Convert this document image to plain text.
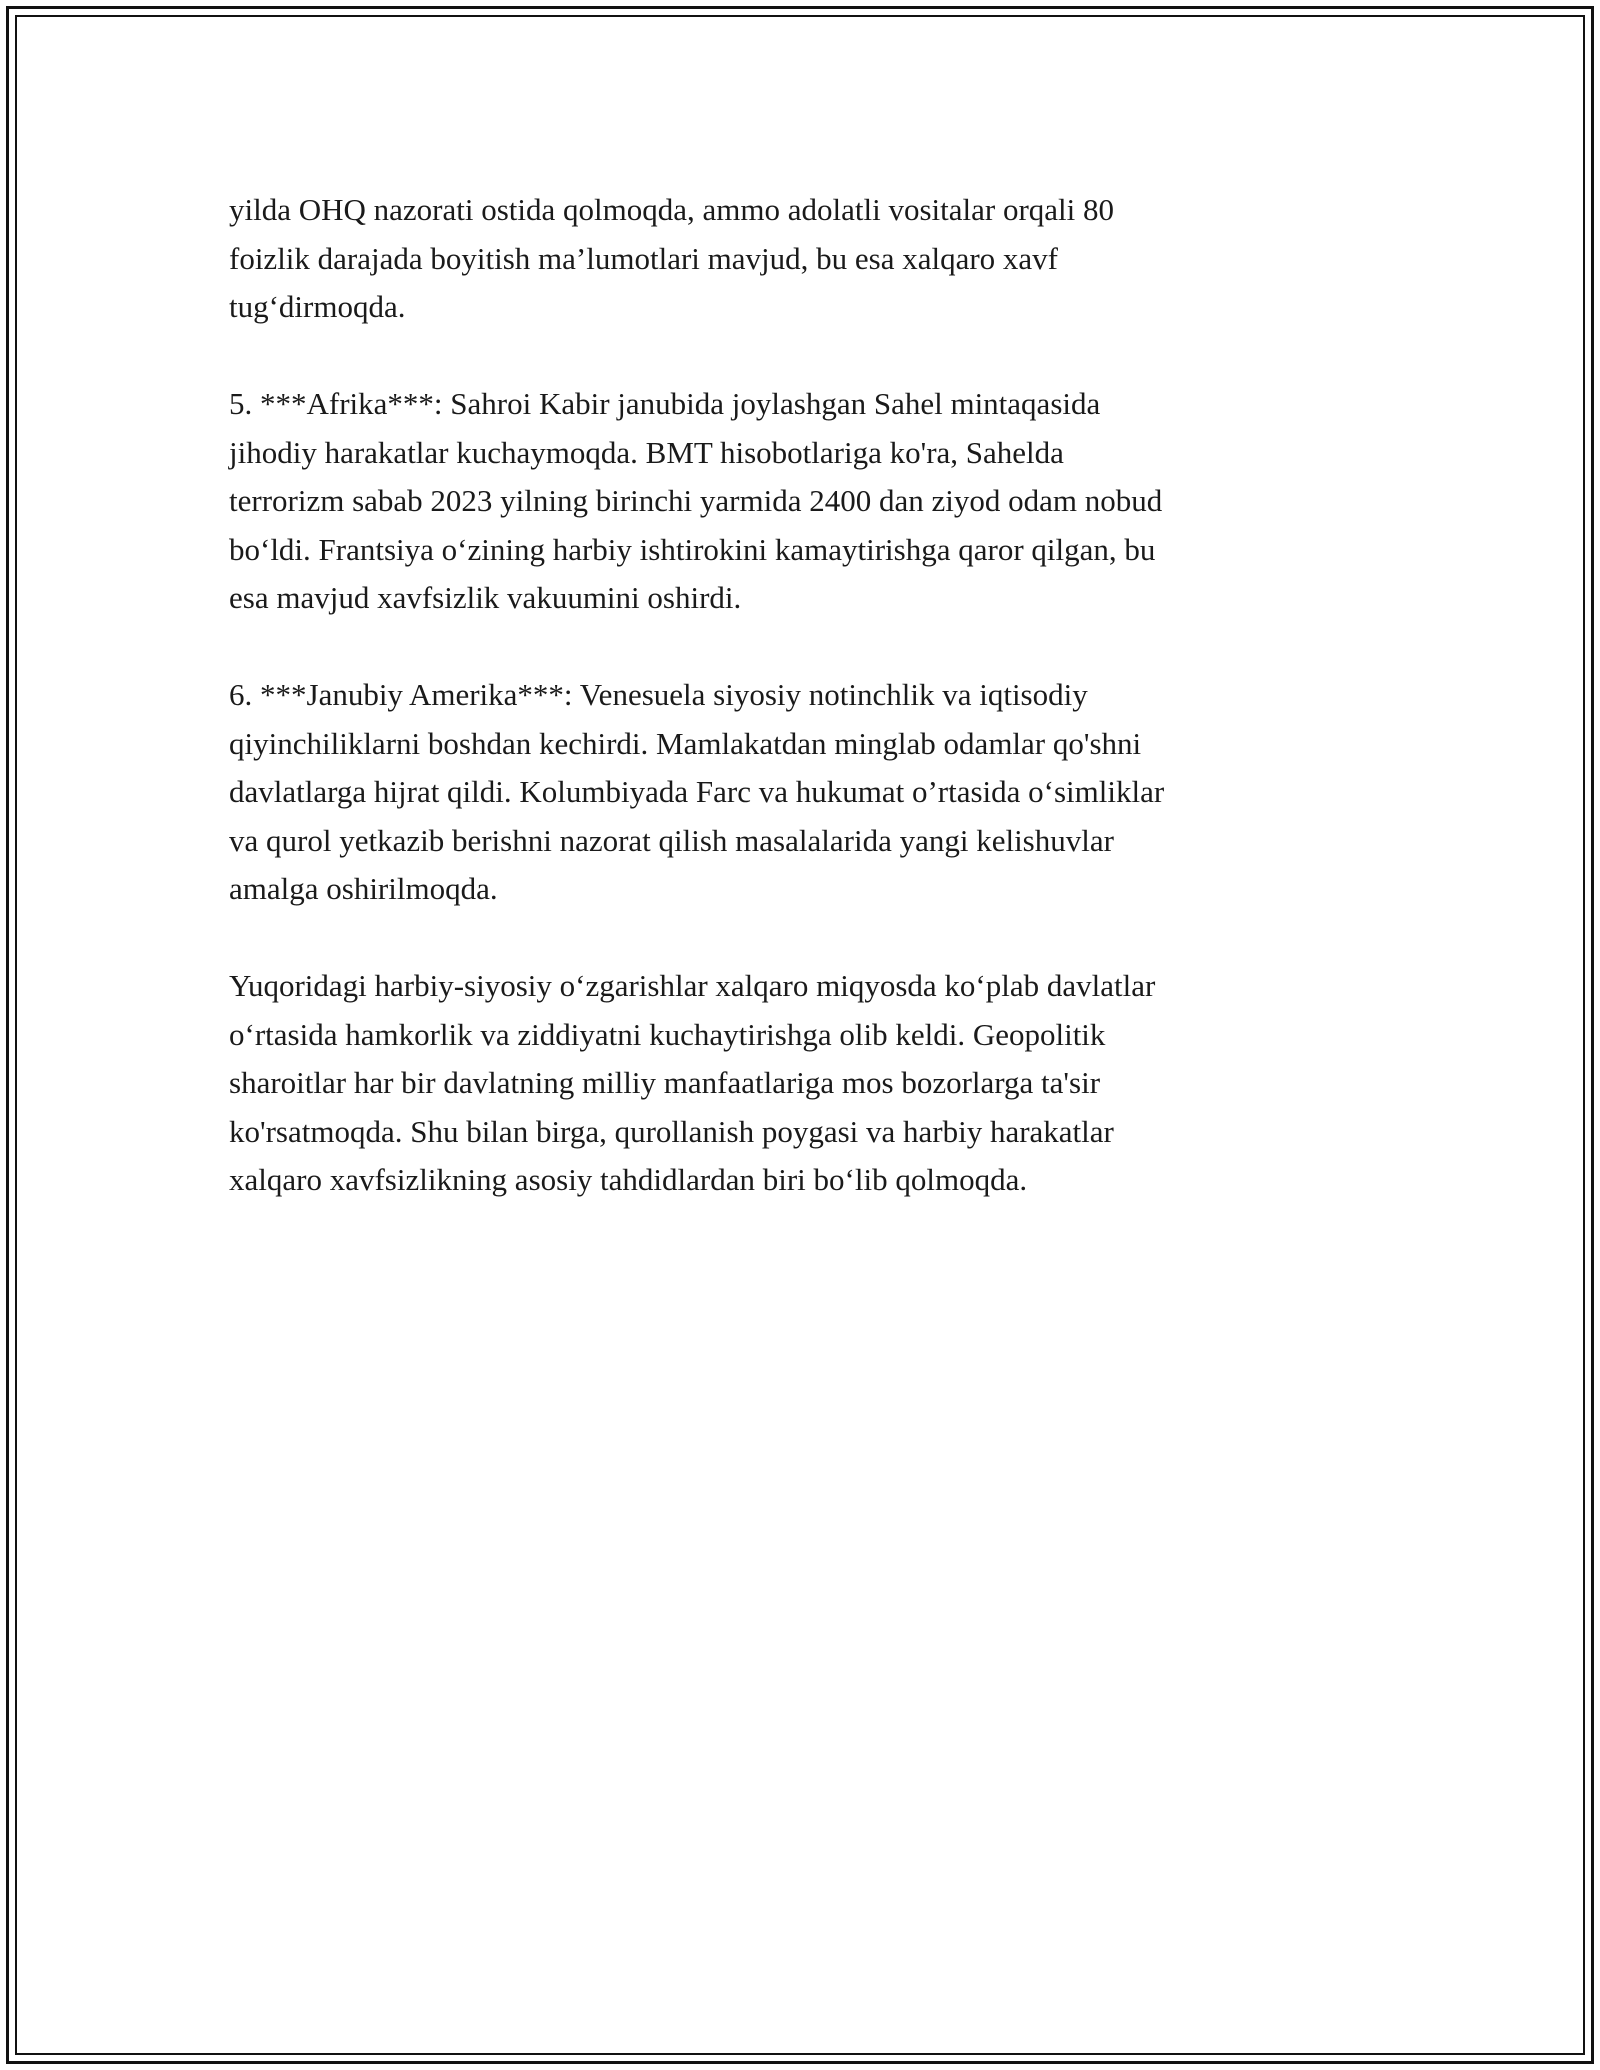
yilda OHQ nazorati ostida qolmoqda, ammo adolatli vositalar orqali 80
foizlik darajada boyitish ma’lumotlari mavjud, bu esa xalqaro xavf
tug‘dirmoqda.

5. ***Afrika***: Sahroi Kabir janubida joylashgan Sahel mintaqasida
jihodiy harakatlar kuchaymoqda. BMT hisobotlariga ko'ra, Sahelda
terrorizm sabab 2023 yilning birinchi yarmida 2400 dan ziyod odam nobud
bo‘ldi. Frantsiya o‘zining harbiy ishtirokini kamaytirishga qaror qilgan, bu
esa mavjud xavfsizlik vakuumini oshirdi.

6. ***Janubiy Amerika***: Venesuela siyosiy notinchlik va iqtisodiy
qiyinchiliklarni boshdan kechirdi. Mamlakatdan minglab odamlar qo'shni
davlatlarga hijrat qildi. Kolumbiyada Farc va hukumat o’rtasida o‘simliklar
va qurol yetkazib berishni nazorat qilish masalalarida yangi kelishuvlar
amalga oshirilmoqda.

Yuqoridagi harbiy-siyosiy o‘zgarishlar xalqaro miqyosda ko‘plab davlatlar
o‘rtasida hamkorlik va ziddiyatni kuchaytirishga olib keldi. Geopolitik
sharoitlar har bir davlatning milliy manfaatlariga mos bozorlarga ta'sir
ko'rsatmoqda. Shu bilan birga, qurollanish poygasi va harbiy harakatlar
xalqaro xavfsizlikning asosiy tahdidlardan biri bo‘lib qolmoqda.
